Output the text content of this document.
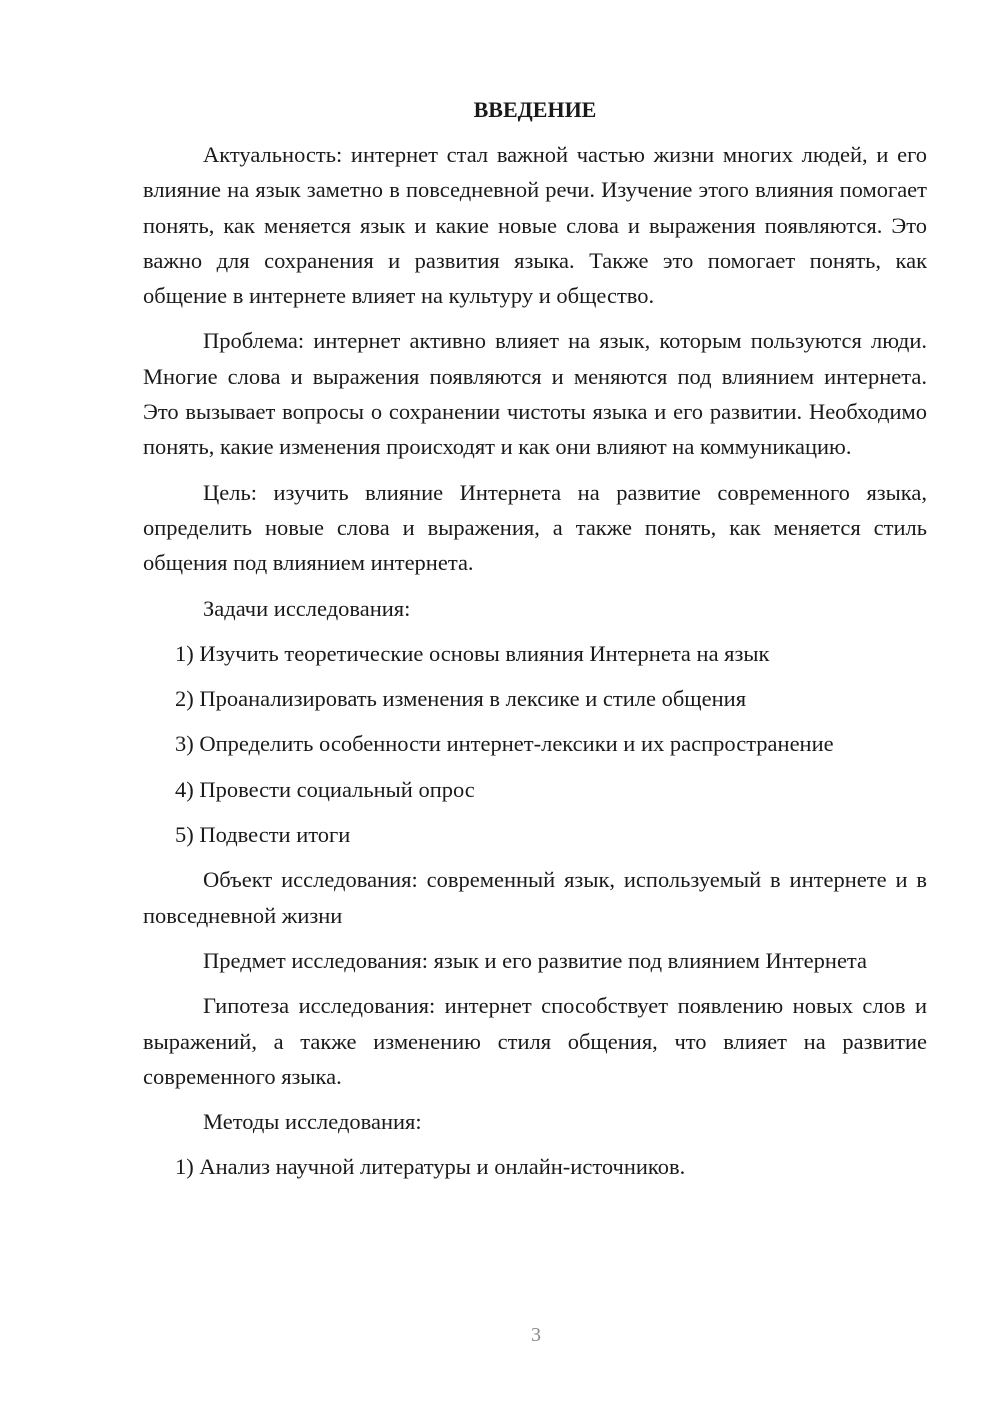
ВВЕДЕНИЕ

Актуальность: интернет стал важной частью жизни многих людей, и его влияние на язык заметно в повседневной речи. Изучение этого влияния помогает понять, как меняется язык и какие новые слова и выражения появляются. Это важно для сохранения и развития языка. Также это помогает понять, как общение в интернете влияет на культуру и общество.

Проблема: интернет активно влияет на язык, которым пользуются люди. Многие слова и выражения появляются и меняются под влиянием интернета. Это вызывает вопросы о сохранении чистоты языка и его развитии. Необходимо понять, какие изменения происходят и как они влияют на коммуникацию.

Цель: изучить влияние Интернета на развитие современного языка, определить новые слова и выражения, а также понять, как меняется стиль общения под влиянием интернета.

Задачи исследования:

1) Изучить теоретические основы влияния Интернета на язык
2) Проанализировать изменения в лексике и стиле общения
3) Определить особенности интернет-лексики и их распространение
4) Провести социальный опрос
5) Подвести итоги

Объект исследования: современный язык, используемый в интернете и в повседневной жизни

Предмет исследования: язык и его развитие под влиянием Интернета

Гипотеза исследования: интернет способствует появлению новых слов и выражений, а также изменению стиля общения, что влияет на развитие современного языка.

Методы исследования:

1) Анализ научной литературы и онлайн-источников.
3
